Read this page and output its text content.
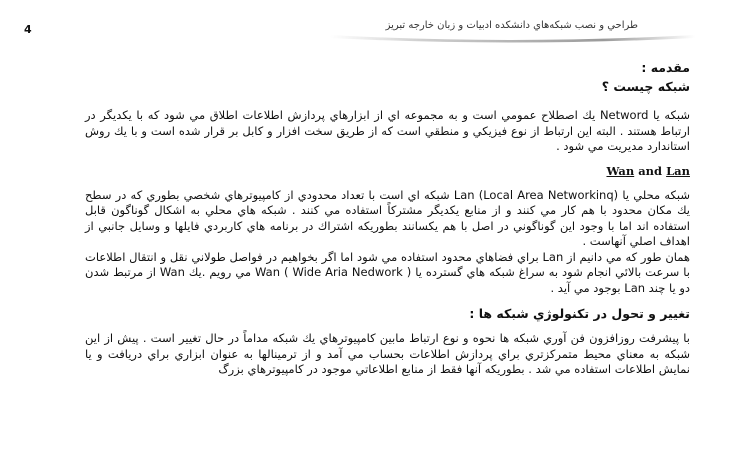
4	طراحي و نصب شبكه‌هاي دانشكده ادبيات و زبان خارجه تبريز

مقدمه :

شبكه چيست ؟

شبكه يا Netword يك اصطلاح عمومي است و به مجموعه اي از ابزارهاي پردازش اطلاعات اطلاق مي شود كه با يكديگر در ارتباط هستند . البته اين ارتباط از نوع فيزيكي و منطقي است كه از طريق سخت افزار و كابل بر قرار شده است و با يك روش استاندارد مديريت مي شود .

Wan and Lan

شبكه محلي يا Lan (Local Area Networkinq) شبكه اي است با تعداد محدودي از كامپيوترهاي شخصي بطوري كه در سطح يك مكان محدود با هم كار مي كنند و از منابع يكديگر مشتركاً استفاده مي كنند . شبكه هاي محلي به اشكال گوناگون قابل استفاده اند اما با وجود اين گوناگوني در اصل با هم يكسانند بطوريكه اشتراك در برنامه هاي كاربردي فايلها و وسايل جانبي از اهداف اصلي آنهاست .

همان طور كه مي دانيم از Lan براي فضاهاي محدود استفاده مي شود اما اگر بخواهيم در فواصل طولاني نقل و انتقال اطلاعات با سرعت بالائي انجام شود به سراغ شبكه هاي گسترده يا Wan ( Wide Aria Nedwork ) مي رويم .يك Wan از مرتبط شدن دو يا چند Lan بوجود مي آيد .

تغيير و تحول در تكنولوژي شبكه ها :

با پيشرفت روزافزون فن آوري شبكه ها نحوه و نوع ارتباط مابين كامپيوترهاي يك شبكه مداماً در حال تغيير است . پيش از اين شبكه به معناي محيط متمركزتري براي پردازش اطلاعات بحساب مي آمد و از ترمينالها به عنوان ابزاري براي دريافت و يا نمايش اطلاعات استفاده مي شد . بطوريكه آنها فقط از منابع اطلاعاتي موجود در كامپيوترهاي بزرگ
